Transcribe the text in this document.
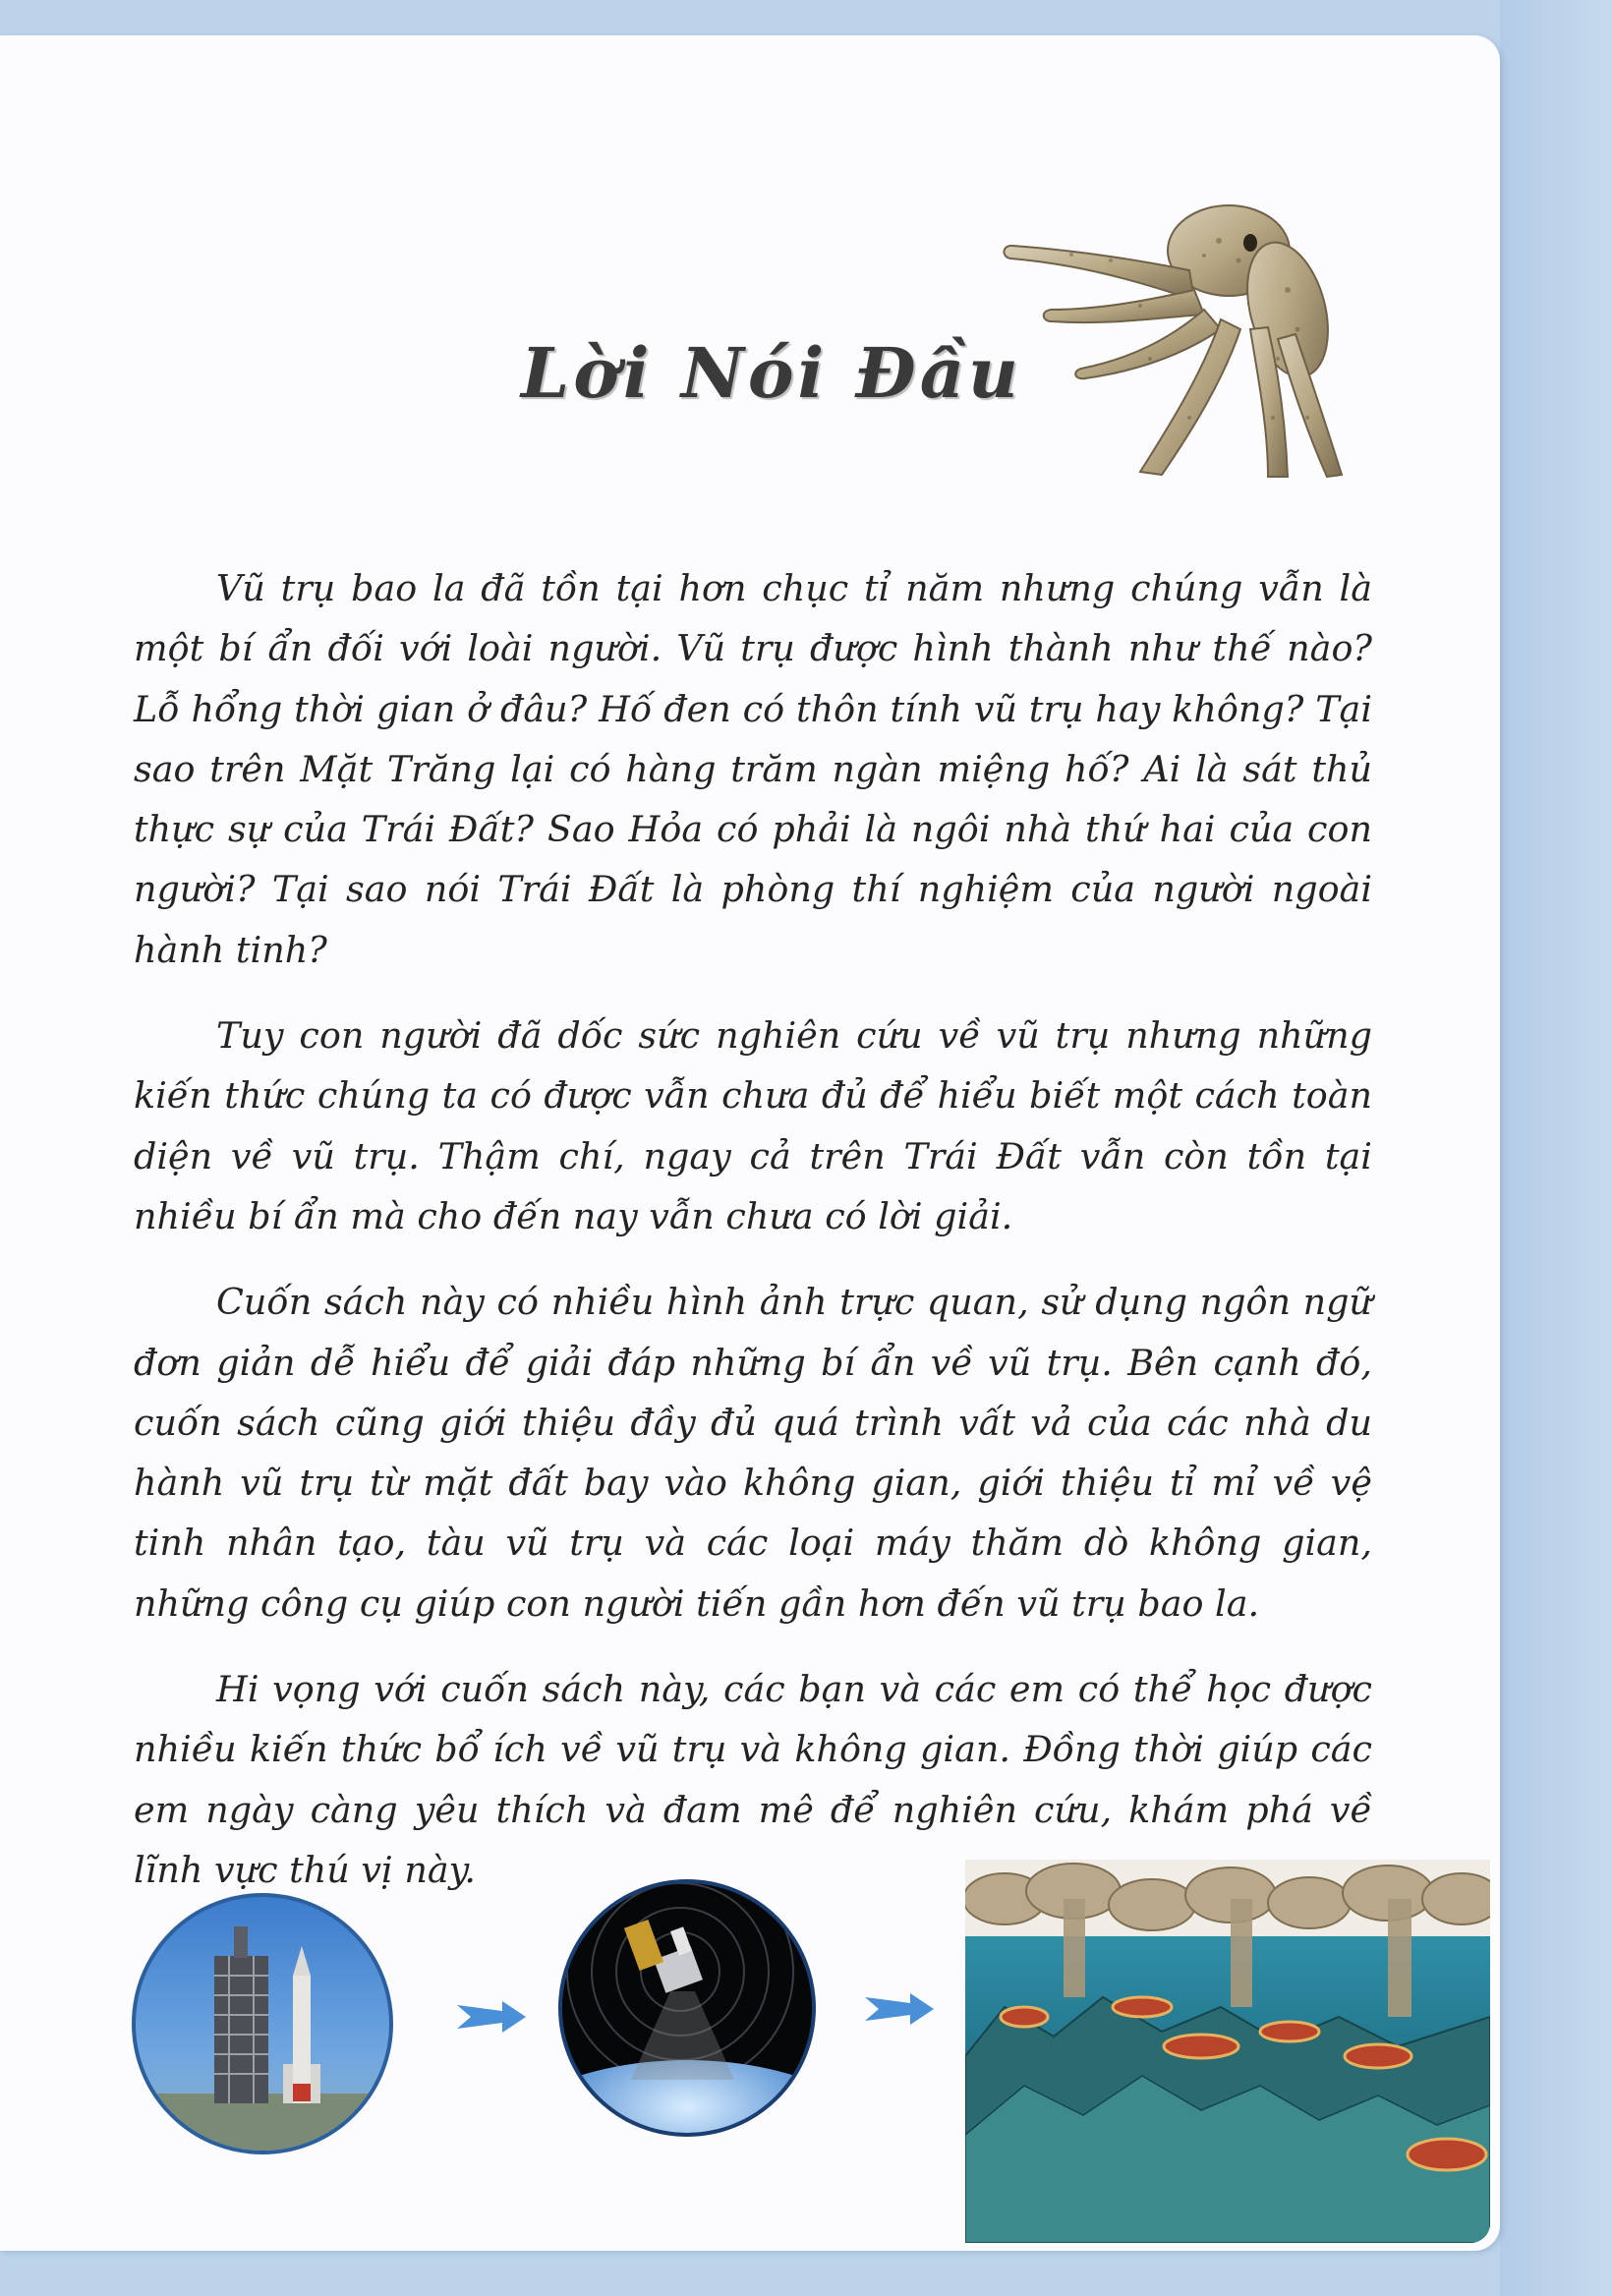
Lời Nói Đầu

Vũ trụ bao la đã tồn tại hơn chục tỉ năm nhưng chúng vẫn là một bí ẩn đối với loài người. Vũ trụ được hình thành như thế nào? Lỗ hổng thời gian ở đâu? Hố đen có thôn tính vũ trụ hay không? Tại sao trên Mặt Trăng lại có hàng trăm ngàn miệng hố? Ai là sát thủ thực sự của Trái Đất? Sao Hỏa có phải là ngôi nhà thứ hai của con người? Tại sao nói Trái Đất là phòng thí nghiệm của người ngoài hành tinh?

Tuy con người đã dốc sức nghiên cứu về vũ trụ nhưng những kiến thức chúng ta có được vẫn chưa đủ để hiểu biết một cách toàn diện về vũ trụ. Thậm chí, ngay cả trên Trái Đất vẫn còn tồn tại nhiều bí ẩn mà cho đến nay vẫn chưa có lời giải.

Cuốn sách này có nhiều hình ảnh trực quan, sử dụng ngôn ngữ đơn giản dễ hiểu để giải đáp những bí ẩn về vũ trụ. Bên cạnh đó, cuốn sách cũng giới thiệu đầy đủ quá trình vất vả của các nhà du hành vũ trụ từ mặt đất bay vào không gian, giới thiệu tỉ mỉ về vệ tinh nhân tạo, tàu vũ trụ và các loại máy thăm dò không gian, những công cụ giúp con người tiến gần hơn đến vũ trụ bao la.

Hi vọng với cuốn sách này, các bạn và các em có thể học được nhiều kiến thức bổ ích về vũ trụ và không gian. Đồng thời giúp các em ngày càng yêu thích và đam mê để nghiên cứu, khám phá về lĩnh vực thú vị này.
